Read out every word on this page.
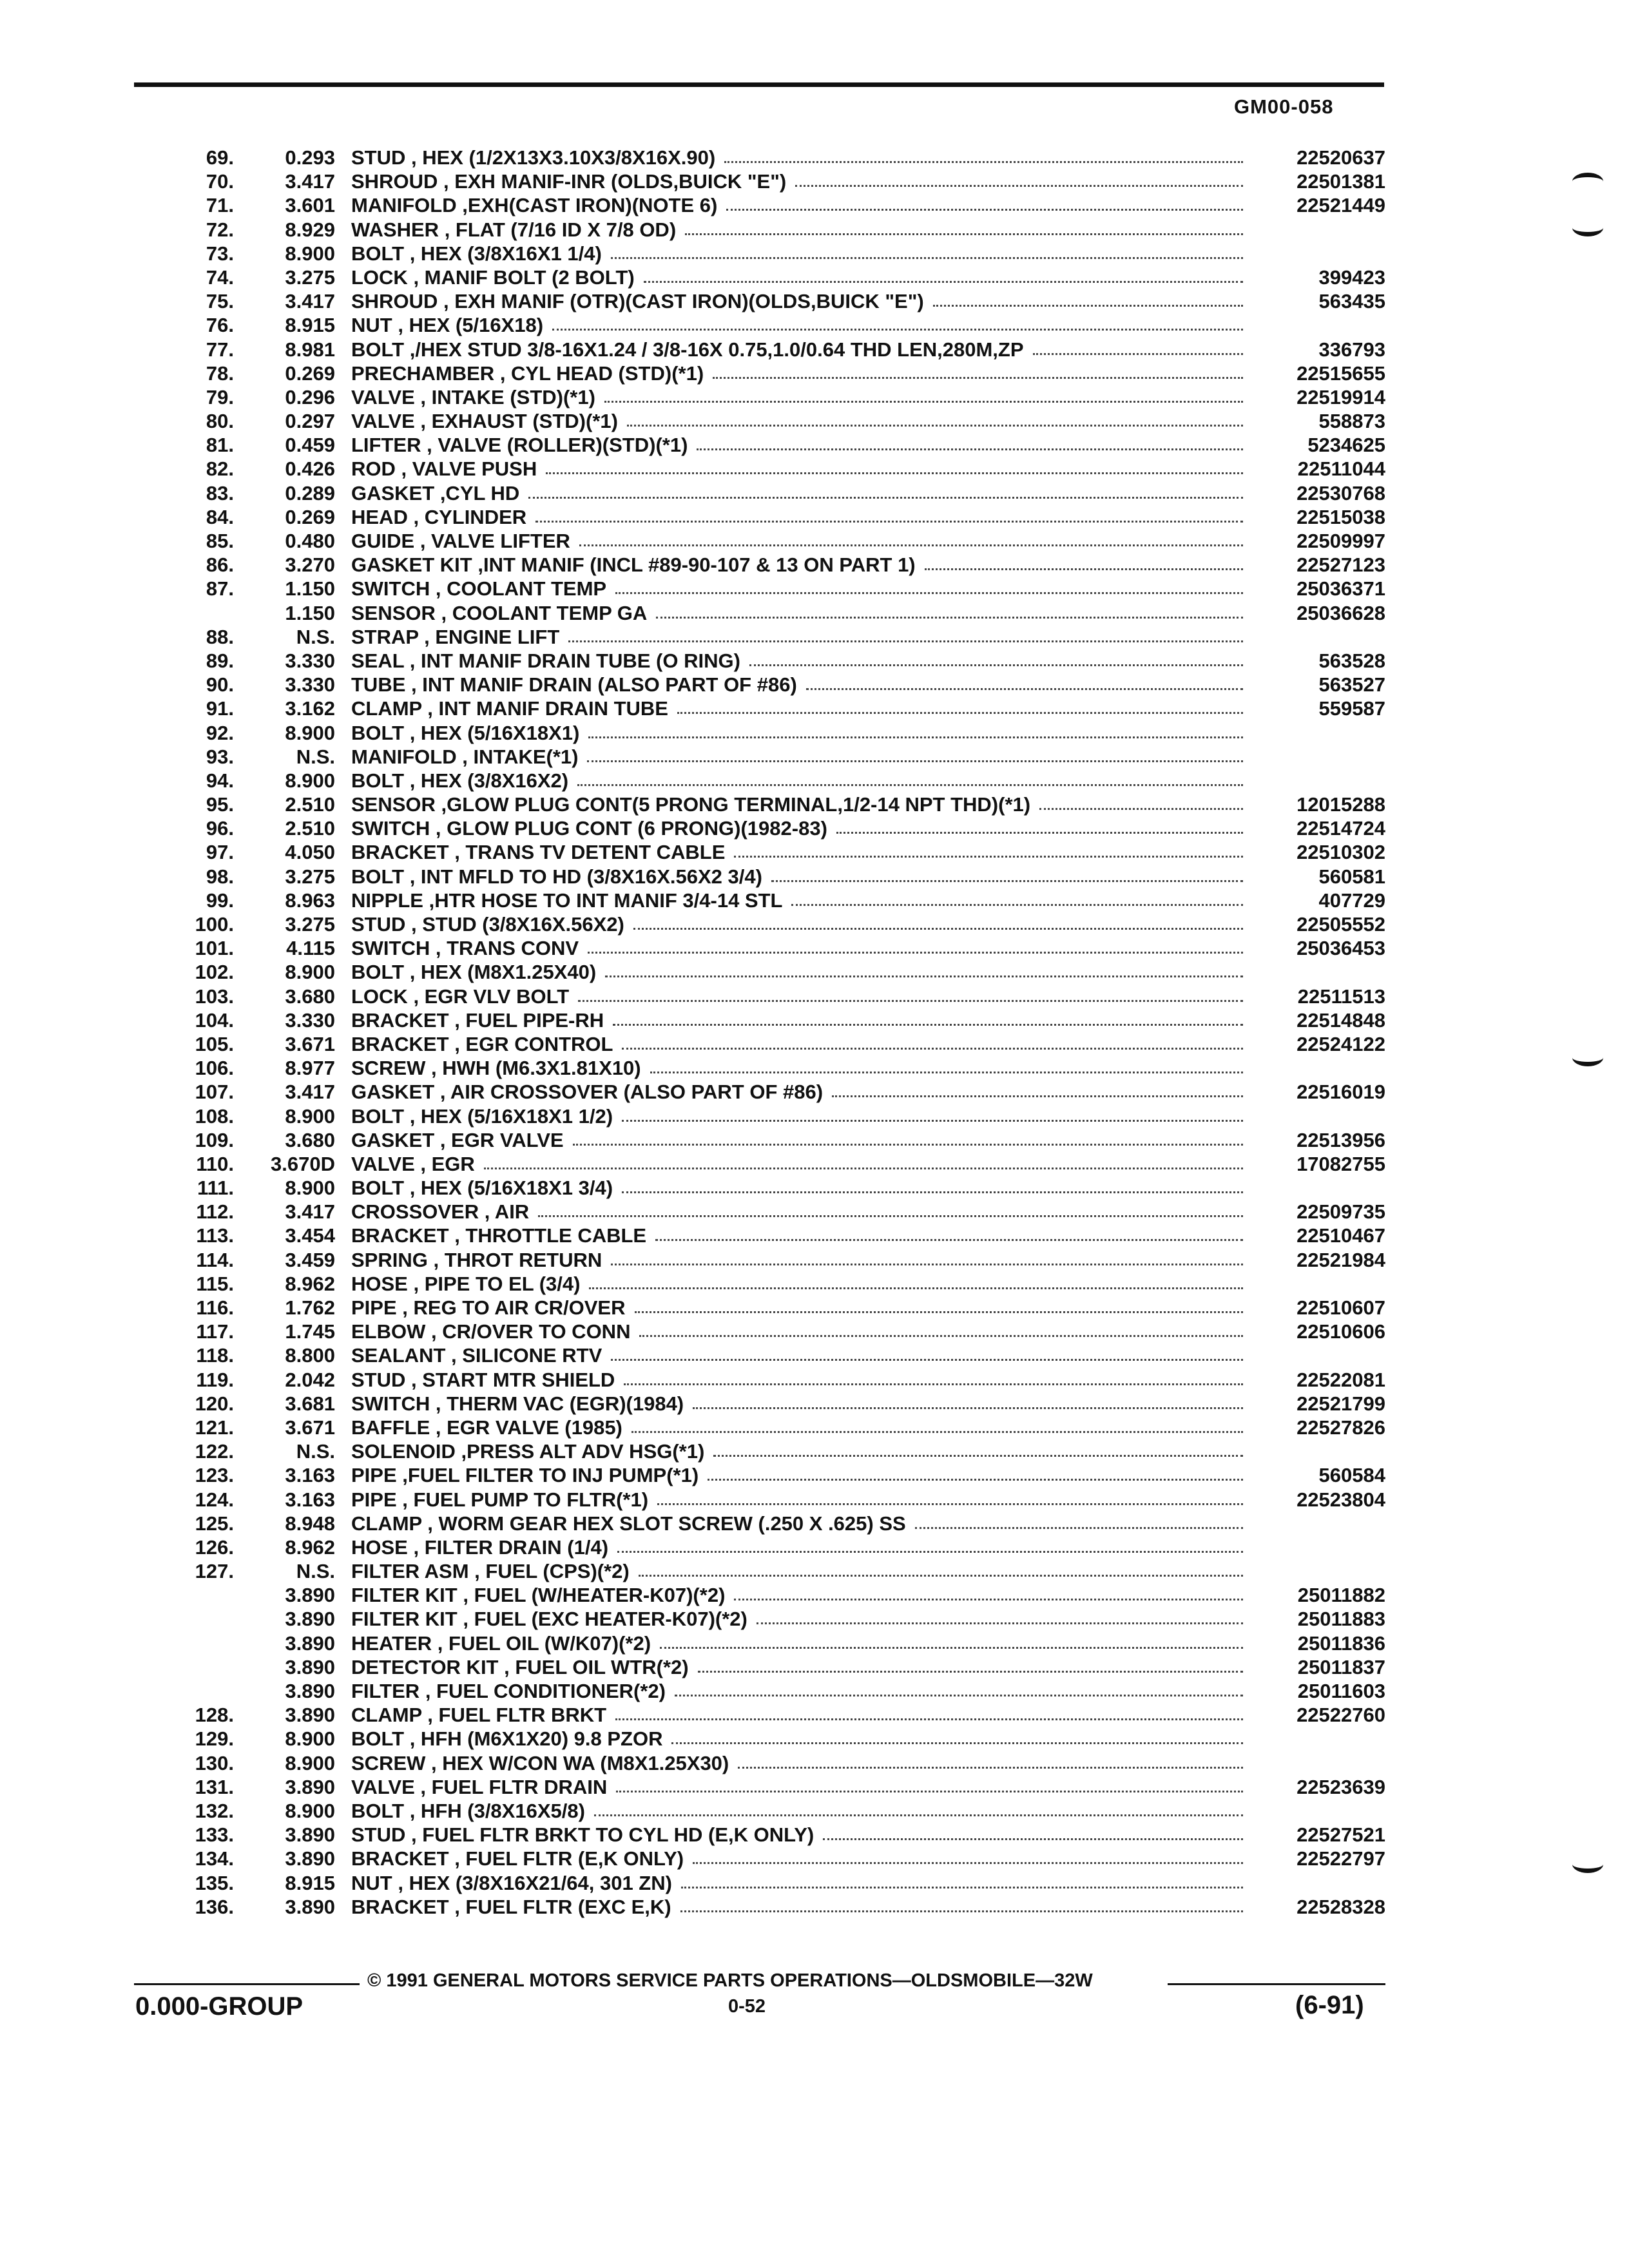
GM00-058
69.	0.293 STUD , HEX (1/2X13X3.10X3/8X16X.90)	22520637
70.	3.417 SHROUD , EXH MANIF-INR (OLDS,BUICK "E")	22501381
71.	3.601 MANIFOLD ,EXH(CAST IRON)(NOTE 6)	22521449
72.	8.929 WASHER , FLAT (7/16 ID X 7/8 OD)
73.	8.900 BOLT , HEX (3/8X16X1 1/4)
74.	3.275 LOCK , MANIF BOLT (2 BOLT)	399423
75.	3.417 SHROUD , EXH MANIF (OTR)(CAST IRON)(OLDS,BUICK "E")	563435
76.	8.915 NUT , HEX (5/16X18)
77.	8.981 BOLT ,/HEX STUD 3/8-16X1.24 / 3/8-16X 0.75,1.0/0.64 THD LEN,280M,ZP	336793
78.	0.269 PRECHAMBER , CYL HEAD (STD)(*1)	22515655
79.	0.296 VALVE , INTAKE (STD)(*1)	22519914
80.	0.297 VALVE , EXHAUST (STD)(*1)	558873
81.	0.459 LIFTER , VALVE (ROLLER)(STD)(*1)	5234625
82.	0.426 ROD , VALVE PUSH	22511044
83.	0.289 GASKET ,CYL HD	22530768
84.	0.269 HEAD , CYLINDER	22515038
85.	0.480 GUIDE , VALVE LIFTER	22509997
86.	3.270 GASKET KIT ,INT MANIF (INCL #89-90-107 & 13 ON PART 1)	22527123
87.	1.150 SWITCH , COOLANT TEMP	25036371
1.150 SENSOR , COOLANT TEMP GA	25036628
88.	N.S. STRAP , ENGINE LIFT
89.	3.330 SEAL , INT MANIF DRAIN TUBE (O RING)	563528
90.	3.330 TUBE , INT MANIF DRAIN (ALSO PART OF #86)	563527
91.	3.162 CLAMP , INT MANIF DRAIN TUBE	559587
92.	8.900 BOLT , HEX (5/16X18X1)
93.	N.S. MANIFOLD , INTAKE(*1)
94.	8.900 BOLT , HEX (3/8X16X2)
95.	2.510 SENSOR ,GLOW PLUG CONT(5 PRONG TERMINAL,1/2-14 NPT THD)(*1)	12015288
96.	2.510 SWITCH , GLOW PLUG CONT (6 PRONG)(1982-83)	22514724
97.	4.050 BRACKET , TRANS TV DETENT CABLE	22510302
98.	3.275 BOLT , INT MFLD TO HD (3/8X16X.56X2 3/4)	560581
99.	8.963 NIPPLE ,HTR HOSE TO INT MANIF 3/4-14 STL	407729
100.	3.275 STUD , STUD (3/8X16X.56X2)	22505552
101.	4.115 SWITCH , TRANS CONV	25036453
102.	8.900 BOLT , HEX (M8X1.25X40)
103.	3.680 LOCK , EGR VLV BOLT	22511513
104.	3.330 BRACKET , FUEL PIPE-RH	22514848
105.	3.671 BRACKET , EGR CONTROL	22524122
106.	8.977 SCREW , HWH (M6.3X1.81X10)
107.	3.417 GASKET , AIR CROSSOVER (ALSO PART OF #86)	22516019
108.	8.900 BOLT , HEX (5/16X18X1 1/2)
109.	3.680 GASKET , EGR VALVE	22513956
110.	3.670D VALVE , EGR	17082755
111.	8.900 BOLT , HEX (5/16X18X1 3/4)
112.	3.417 CROSSOVER , AIR	22509735
113.	3.454 BRACKET , THROTTLE CABLE	22510467
114.	3.459 SPRING , THROT RETURN	22521984
115.	8.962 HOSE , PIPE TO EL (3/4)
116.	1.762 PIPE , REG TO AIR CR/OVER	22510607
117.	1.745 ELBOW , CR/OVER TO CONN	22510606
118.	8.800 SEALANT , SILICONE RTV
119.	2.042 STUD , START MTR SHIELD	22522081
120.	3.681 SWITCH , THERM VAC (EGR)(1984)	22521799
121.	3.671 BAFFLE , EGR VALVE (1985)	22527826
122.	N.S. SOLENOID ,PRESS ALT ADV HSG(*1)
123.	3.163 PIPE ,FUEL FILTER TO INJ PUMP(*1)	560584
124.	3.163 PIPE , FUEL PUMP TO FLTR(*1)	22523804
125.	8.948 CLAMP , WORM GEAR HEX SLOT SCREW (.250 X .625) SS
126.	8.962 HOSE , FILTER DRAIN (1/4)
127.	N.S. FILTER ASM , FUEL (CPS)(*2)
3.890 FILTER KIT , FUEL (W/HEATER-K07)(*2)	25011882
3.890 FILTER KIT , FUEL (EXC HEATER-K07)(*2)	25011883
3.890 HEATER , FUEL OIL (W/K07)(*2)	25011836
3.890 DETECTOR KIT , FUEL OIL WTR(*2)	25011837
3.890 FILTER , FUEL CONDITIONER(*2)	25011603
128.	3.890 CLAMP , FUEL FLTR BRKT	22522760
129.	8.900 BOLT , HFH (M6X1X20) 9.8 PZOR
130.	8.900 SCREW , HEX W/CON WA (M8X1.25X30)
131.	3.890 VALVE , FUEL FLTR DRAIN	22523639
132.	8.900 BOLT , HFH (3/8X16X5/8)
133.	3.890 STUD , FUEL FLTR BRKT TO CYL HD (E,K ONLY)	22527521
134.	3.890 BRACKET , FUEL FLTR (E,K ONLY)	22522797
135.	8.915 NUT , HEX (3/8X16X21/64, 301 ZN)
136.	3.890 BRACKET , FUEL FLTR (EXC E,K)	22528328
© 1991 GENERAL MOTORS SERVICE PARTS OPERATIONS—OLDSMOBILE—32W
0.000-GROUP	0-52	(6-91)
